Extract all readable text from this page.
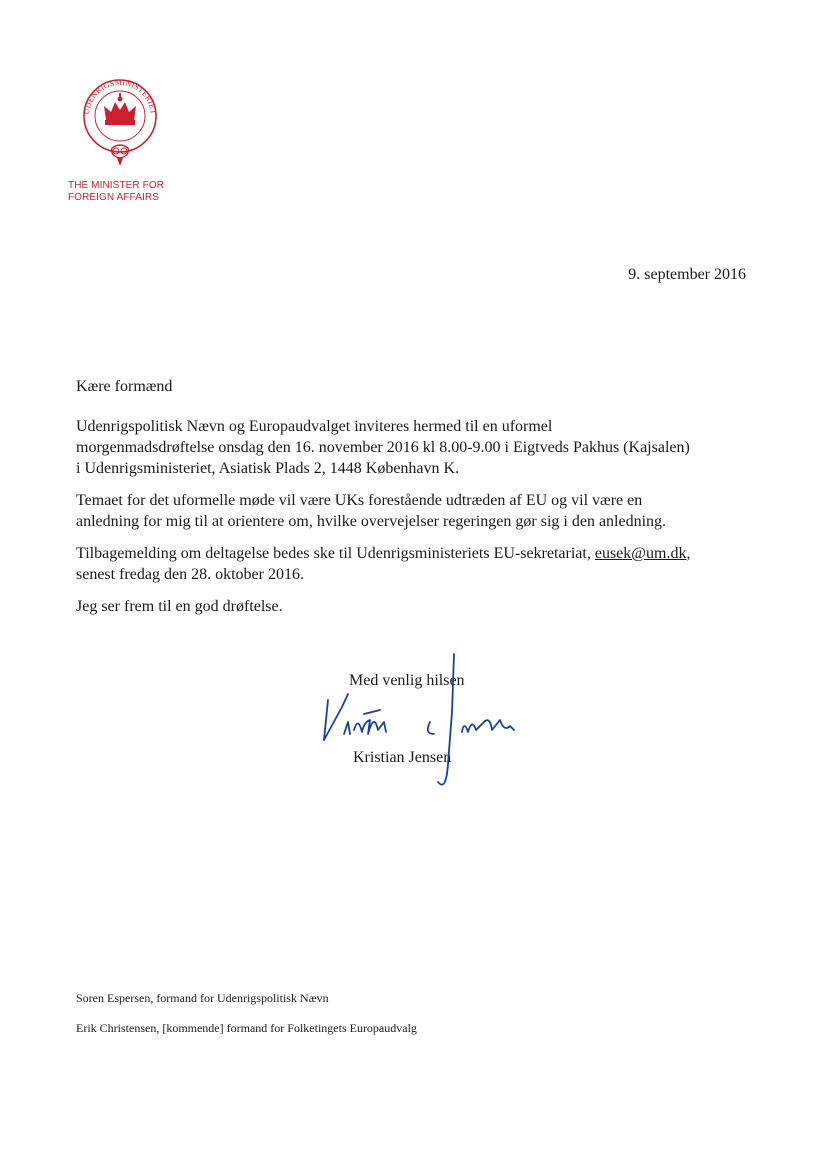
UDENRIGSMINISTERIET
THE MINISTER FOR
FOREIGN AFFAIRS
9. september 2016

Kære formænd

Udenrigspolitisk Nævn og Europaudvalget inviteres hermed til en uformel
morgenmadsdrøftelse onsdag den 16. november 2016 kl 8.00-9.00 i Eigtveds Pakhus (Kajsalen)
i Udenrigsministeriet, Asiatisk Plads 2, 1448 København K.

Temaet for det uformelle møde vil være UKs forestående udtræden af EU og vil være en
anledning for mig til at orientere om, hvilke overvejelser regeringen gør sig i den anledning.

Tilbagemelding om deltagelse bedes ske til Udenrigsministeriets EU-sekretariat, eusek@um.dk,
senest fredag den 28. oktober 2016.

Jeg ser frem til en god drøftelse.

Med venlig hilsen
Kristian Jensen
Soren Espersen, formand for Udenrigspolitisk Nævn
Erik Christensen, [kommende] formand for Folketingets Europaudvalg
